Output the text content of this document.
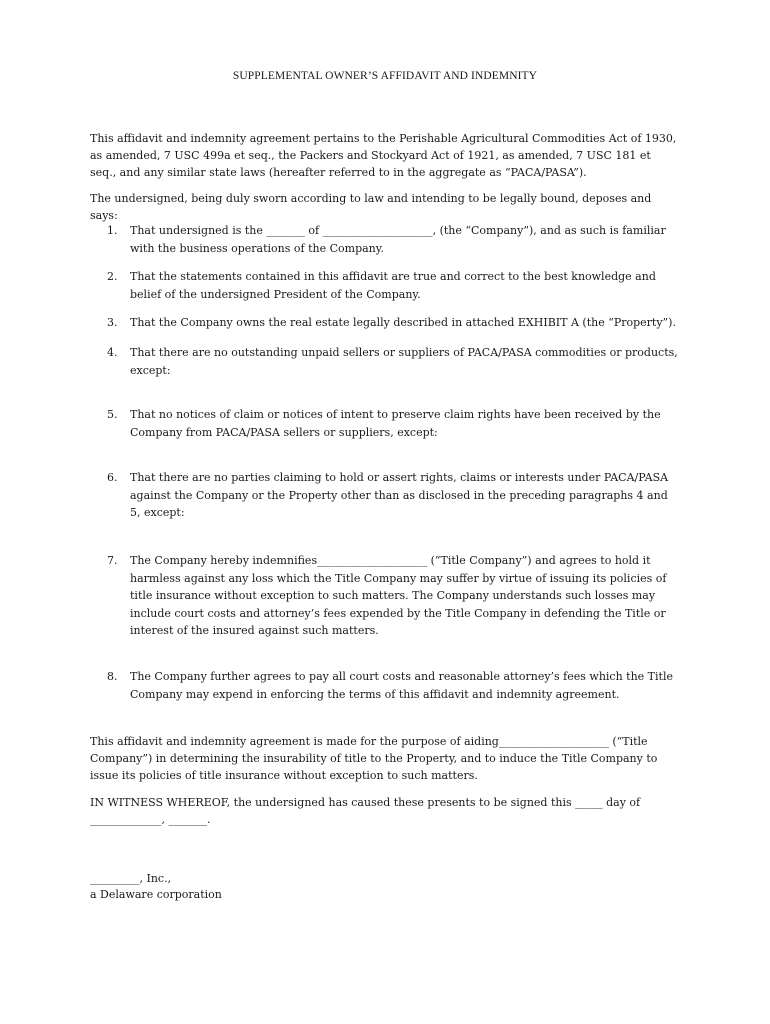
SUPPLEMENTAL OWNER’S AFFIDAVIT AND INDEMNITY
This affidavit and indemnity agreement pertains to the Perishable Agricultural Commodities Act of 1930, as amended, 7 USC 499a et seq., the Packers and Stockyard Act of 1921, as amended, 7 USC 181 et seq., and any similar state laws (hereafter referred to in the aggregate as “PACA/PASA”).
The undersigned, being duly sworn according to law and intending to be legally bound, deposes and says:
1. That undersigned is the _______ of ____________________, (the “Company”), and as such is familiar with the business operations of the Company.
2. That the statements contained in this affidavit are true and correct to the best knowledge and belief of the undersigned President of the Company.
3. That the Company owns the real estate legally described in attached EXHIBIT A (the “Property”).
4. That there are no outstanding unpaid sellers or suppliers of PACA/PASA commodities or products, except:
5. That no notices of claim or notices of intent to preserve claim rights have been received by the Company from PACA/PASA sellers or suppliers, except:
6. That there are no parties claiming to hold or assert rights, claims or interests under PACA/PASA against the Company or the Property other than as disclosed in the preceding paragraphs 4 and 5, except:
7. The Company hereby indemnifies____________________ (“Title Company”) and agrees to hold it harmless against any loss which the Title Company may suffer by virtue of issuing its policies of title insurance without exception to such matters. The Company understands such losses may include court costs and attorney’s fees expended by the Title Company in defending the Title or interest of the insured against such matters.
8. The Company further agrees to pay all court costs and reasonable attorney’s fees which the Title Company may expend in enforcing the terms of this affidavit and indemnity agreement.
This affidavit and indemnity agreement is made for the purpose of aiding____________________ (“Title Company”) in determining the insurability of title to the Property, and to induce the Title Company to issue its policies of title insurance without exception to such matters.
IN WITNESS WHEREOF, the undersigned has caused these presents to be signed this _____ day of _____________, _______.
_________, Inc.,
a Delaware corporation
